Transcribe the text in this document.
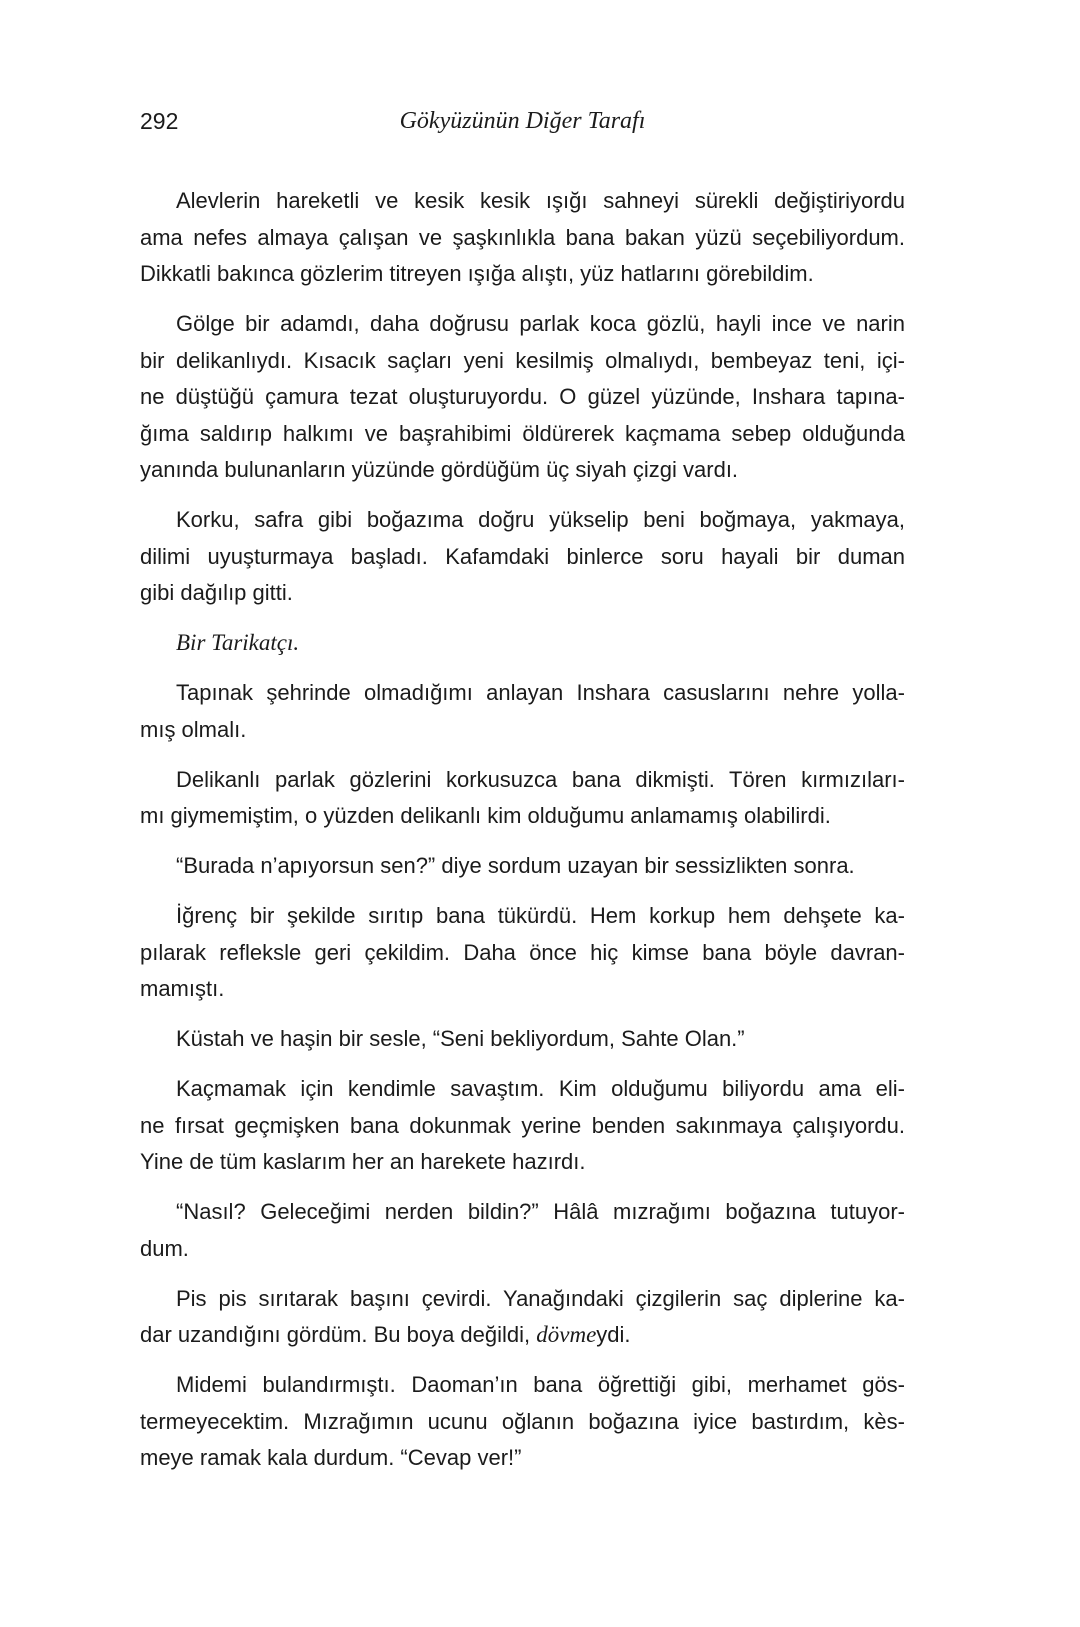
292	Gökyüzünün Diğer Tarafı
Alevlerin hareketli ve kesik kesik ışığı sahneyi sürekli değiştiriyordu
ama nefes almaya çalışan ve şaşkınlıkla bana bakan yüzü seçebiliyordum.
Dikkatli bakınca gözlerim titreyen ışığa alıştı, yüz hatlarını görebildim.
Gölge bir adamdı, daha doğrusu parlak koca gözlü, hayli ince ve narin
bir delikanlıydı. Kısacık saçları yeni kesilmiş olmalıydı, bembeyaz teni, içi-
ne düştüğü çamura tezat oluşturuyordu. O güzel yüzünde, Inshara tapına-
ğıma saldırıp halkımı ve başrahibimi öldürerek kaçmama sebep olduğunda
yanında bulunanların yüzünde gördüğüm üç siyah çizgi vardı.
Korku, safra gibi boğazıma doğru yükselip beni boğmaya, yakmaya,
dilimi uyuşturmaya başladı. Kafamdaki binlerce soru hayali bir duman
gibi dağılıp gitti.
Bir Tarikatçı.
Tapınak şehrinde olmadığımı anlayan Inshara casuslarını nehre yolla-
mış olmalı.
Delikanlı parlak gözlerini korkusuzca bana dikmişti. Tören kırmızıları-
mı giymemiştim, o yüzden delikanlı kim olduğumu anlamamış olabilirdi.
“Burada n’apıyorsun sen?” diye sordum uzayan bir sessizlikten sonra.
İğrenç bir şekilde sırıtıp bana tükürdü. Hem korkup hem dehşete ka-
pılarak refleksle geri çekildim. Daha önce hiç kimse bana böyle davran-
mamıştı.
Küstah ve haşin bir sesle, “Seni bekliyordum, Sahte Olan.”
Kaçmamak için kendimle savaştım. Kim olduğumu biliyordu ama eli-
ne fırsat geçmişken bana dokunmak yerine benden sakınmaya çalışıyordu.
Yine de tüm kaslarım her an harekete hazırdı.
“Nasıl? Geleceğimi nerden bildin?” Hâlâ mızrağımı boğazına tutuyor-
dum.
Pis pis sırıtarak başını çevirdi. Yanağındaki çizgilerin saç diplerine ka-
dar uzandığını gördüm. Bu boya değildi, dövmeydi.
Midemi bulandırmıştı. Daoman’ın bana öğrettiği gibi, merhamet gös-
termeyecektim. Mızrağımın ucunu oğlanın boğazına iyice bastırdım, kès-
meye ramak kala durdum. “Cevap ver!”
